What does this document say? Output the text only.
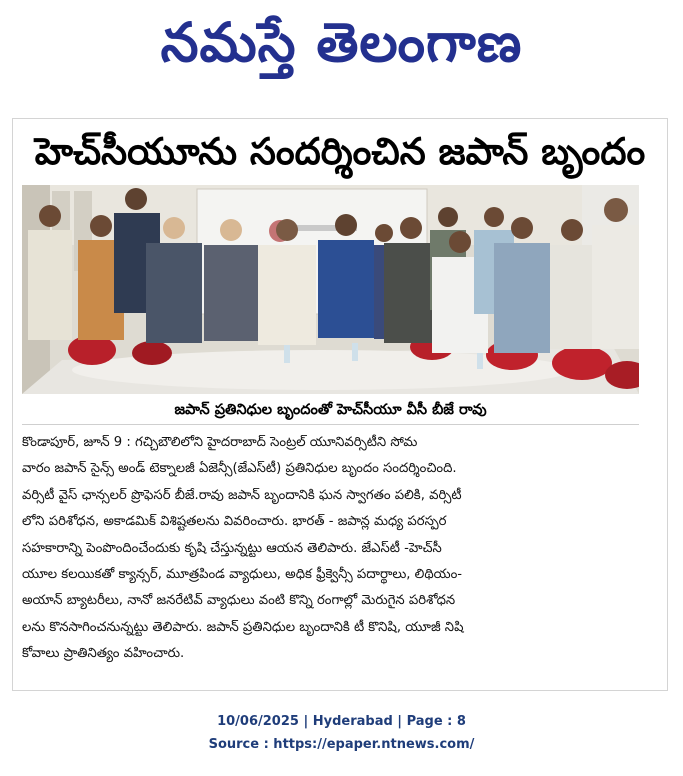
నమస్తే తెలంగాణ
హెచ్‌సీయూను సందర్శించిన జపాన్ బృందం
జపాన్ ప్రతినిధుల బృందంతో హెచ్‌సీయూ వీసీ బీజే రావు
కొండాపూర్, జూన్ 9 : గచ్చిబౌలిలోని హైదరాబాద్ సెంట్రల్ యూనివర్సిటీని సోమ
వారం జపాన్ సైన్స్ అండ్ టెక్నాలజీ ఏజెన్సీ(జేఎస్‌టీ) ప్రతినిధుల బృందం సందర్శించింది.
వర్సిటీ వైస్ ఛాన్సలర్ ప్రొఫెసర్ బీజే.రావు జపాన్ బృందానికి ఘన స్వాగతం పలికి, వర్సిటీ
లోని పరిశోధన, అకాడమిక్ విశిష్టతలను వివరించారు. భారత్ - జపాన్ల మధ్య పరస్పర
సహకారాన్ని పెంపొందించేందుకు కృషి చేస్తున్నట్టు ఆయన తెలిపారు. జేఎస్‌టీ -హెచ్‌సీ
యూల కలయికతో క్యాన్సర్, మూత్రపిండ వ్యాధులు, అధిక ఫ్రీక్వెన్సీ పదార్థాలు, లిథియం-
అయాన్ బ్యాటరీలు, నానో జనరేటివ్ వ్యాధులు వంటి కొన్ని రంగాల్లో మెరుగైన పరిశోధన
లను కొనసాగించనున్నట్టు తెలిపారు. జపాన్ ప్రతినిధుల బృందానికి టీ కొనిషి, యూజీ నిషి
కోవాలు ప్రాతినిత్యం వహించారు.
10/06/2025 | Hyderabad | Page : 8
Source : https://epaper.ntnews.com/
